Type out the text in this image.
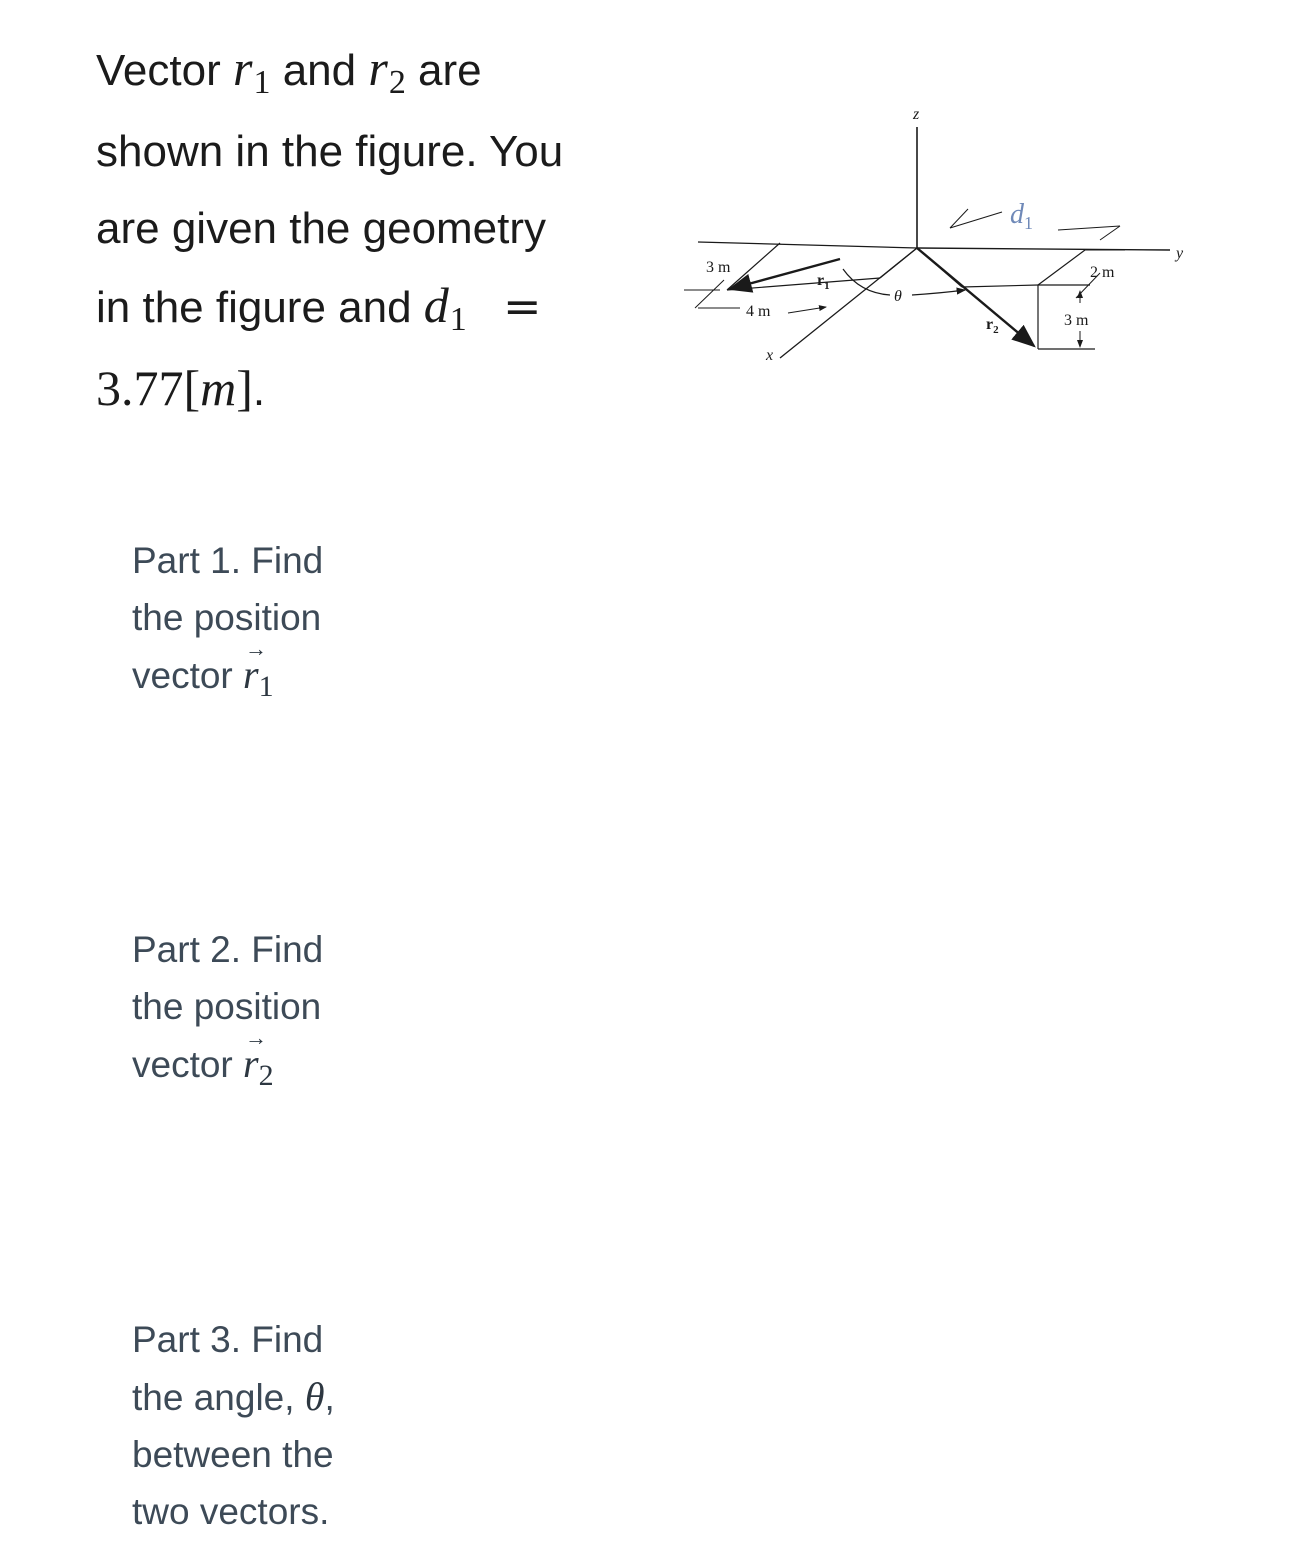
Vector r1 and r2 are
shown in the figure. You
are given the geometry
in the figure and d1 =
3.77[m].
z
y
x
$r_1$
$r_2$
θ
$d_1$
3 m
4 m
2 m
3 m
Part 1. Find
the position
vector
→
$r_1$
Part 2. Find
the position
vector
→
$r_2$
Part 3. Find
the angle, θ,
between the
two vectors.
